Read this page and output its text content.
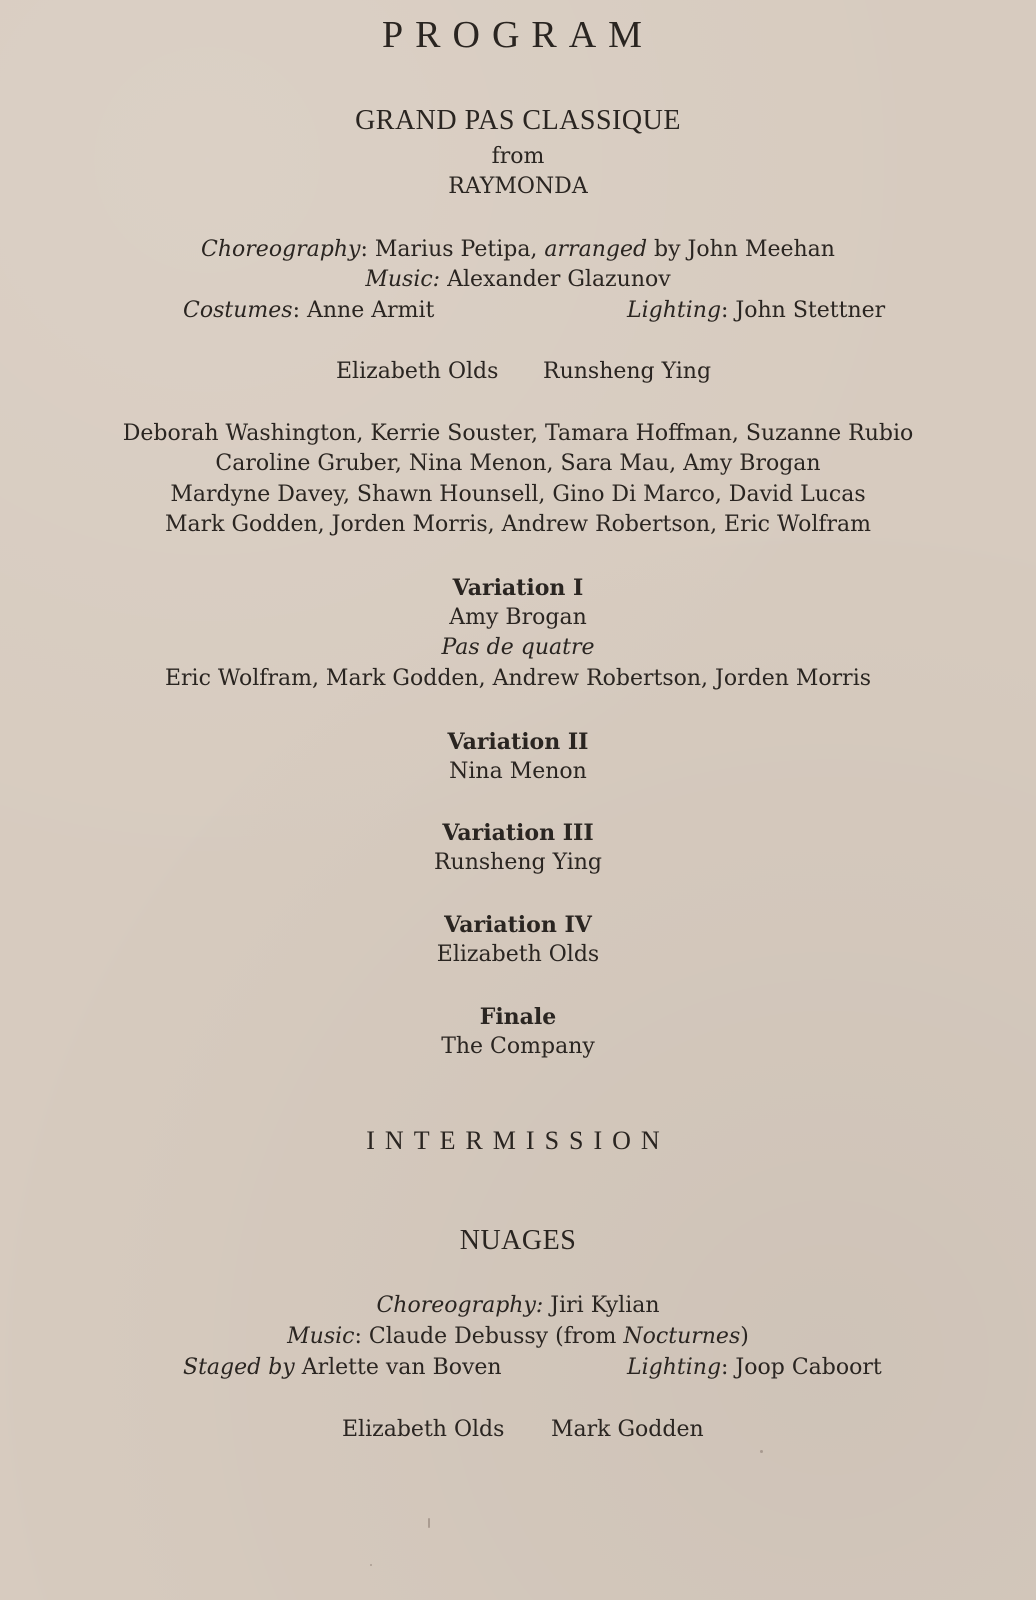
PROGRAM
GRAND PAS CLASSIQUE
from
RAYMONDA
Choreography: Marius Petipa, arranged by John Meehan
Music: Alexander Glazunov
Costumes: Anne Armit	Lighting: John Stettner
Elizabeth Olds Runsheng Ying
Deborah Washington, Kerrie Souster, Tamara Hoffman, Suzanne Rubio
Caroline Gruber, Nina Menon, Sara Mau, Amy Brogan
Mardyne Davey, Shawn Hounsell, Gino Di Marco, David Lucas
Mark Godden, Jorden Morris, Andrew Robertson, Eric Wolfram
Variation I
Amy Brogan
Pas de quatre
Eric Wolfram, Mark Godden, Andrew Robertson, Jorden Morris
Variation II
Nina Menon
Variation III
Runsheng Ying
Variation IV
Elizabeth Olds
Finale
The Company
INTERMISSION
NUAGES
Choreography: Jiri Kylian
Music: Claude Debussy (from Nocturnes)
Staged by Arlette van Boven	Lighting: Joop Caboort
Elizabeth Olds Mark Godden
